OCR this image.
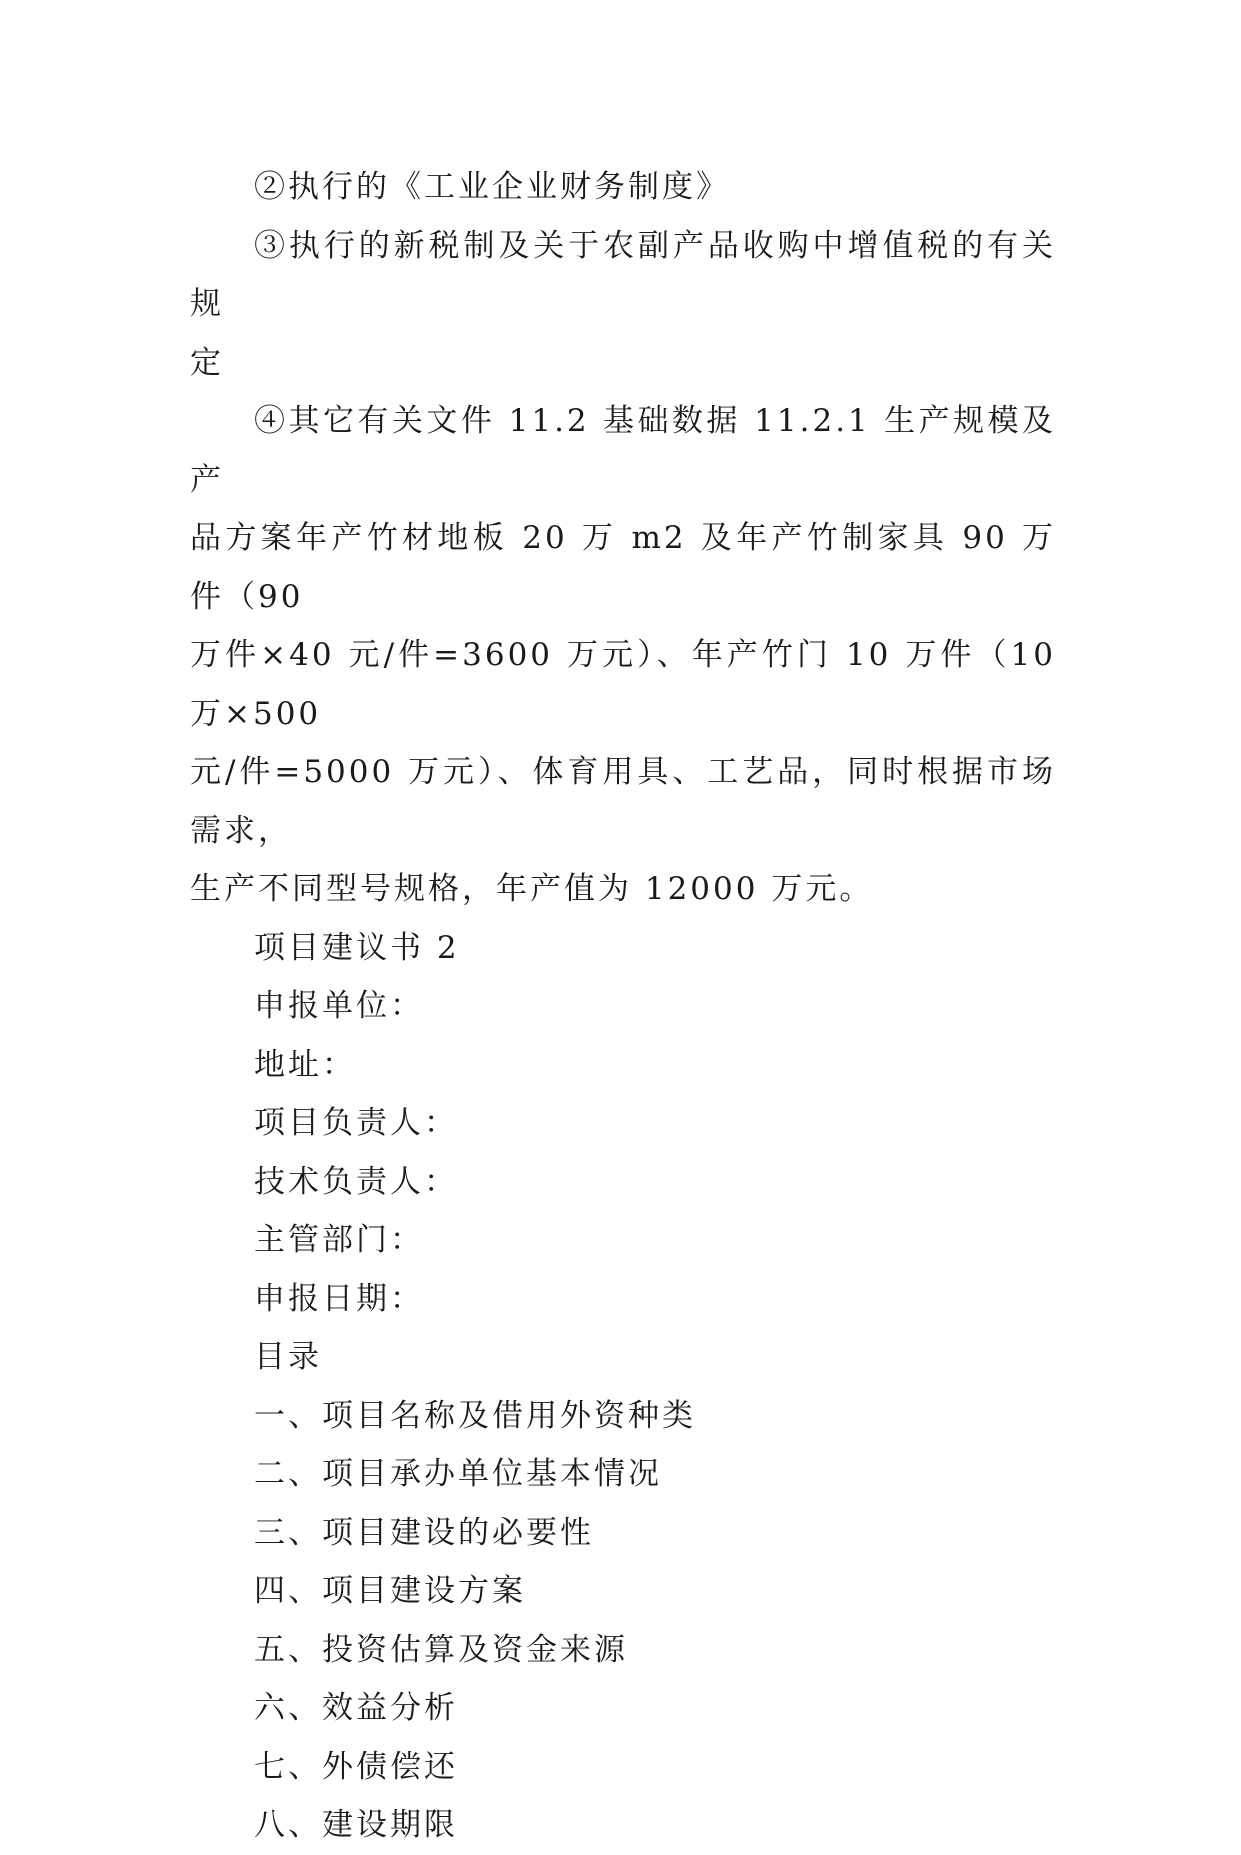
②执行的《工业企业财务制度》

③执行的新税制及关于农副产品收购中增值税的有关规
定

④其它有关文件 11.2 基础数据 11.2.1 生产规模及产
品方案年产竹材地板 20 万 m2 及年产竹制家具 90 万件（90
万件×40 元/件=3600 万元）、年产竹门 10 万件（10 万×500
元/件=5000 万元）、体育用具、工艺品，同时根据市场需求，
生产不同型号规格，年产值为 12000 万元。

项目建议书 2

申报单位：

地址：

项目负责人：

技术负责人：

主管部门：

申报日期：

目录

一、项目名称及借用外资种类

二、项目承办单位基本情况

三、项目建设的必要性

四、项目建设方案

五、投资估算及资金来源

六、效益分析

七、外债偿还

八、建设期限
